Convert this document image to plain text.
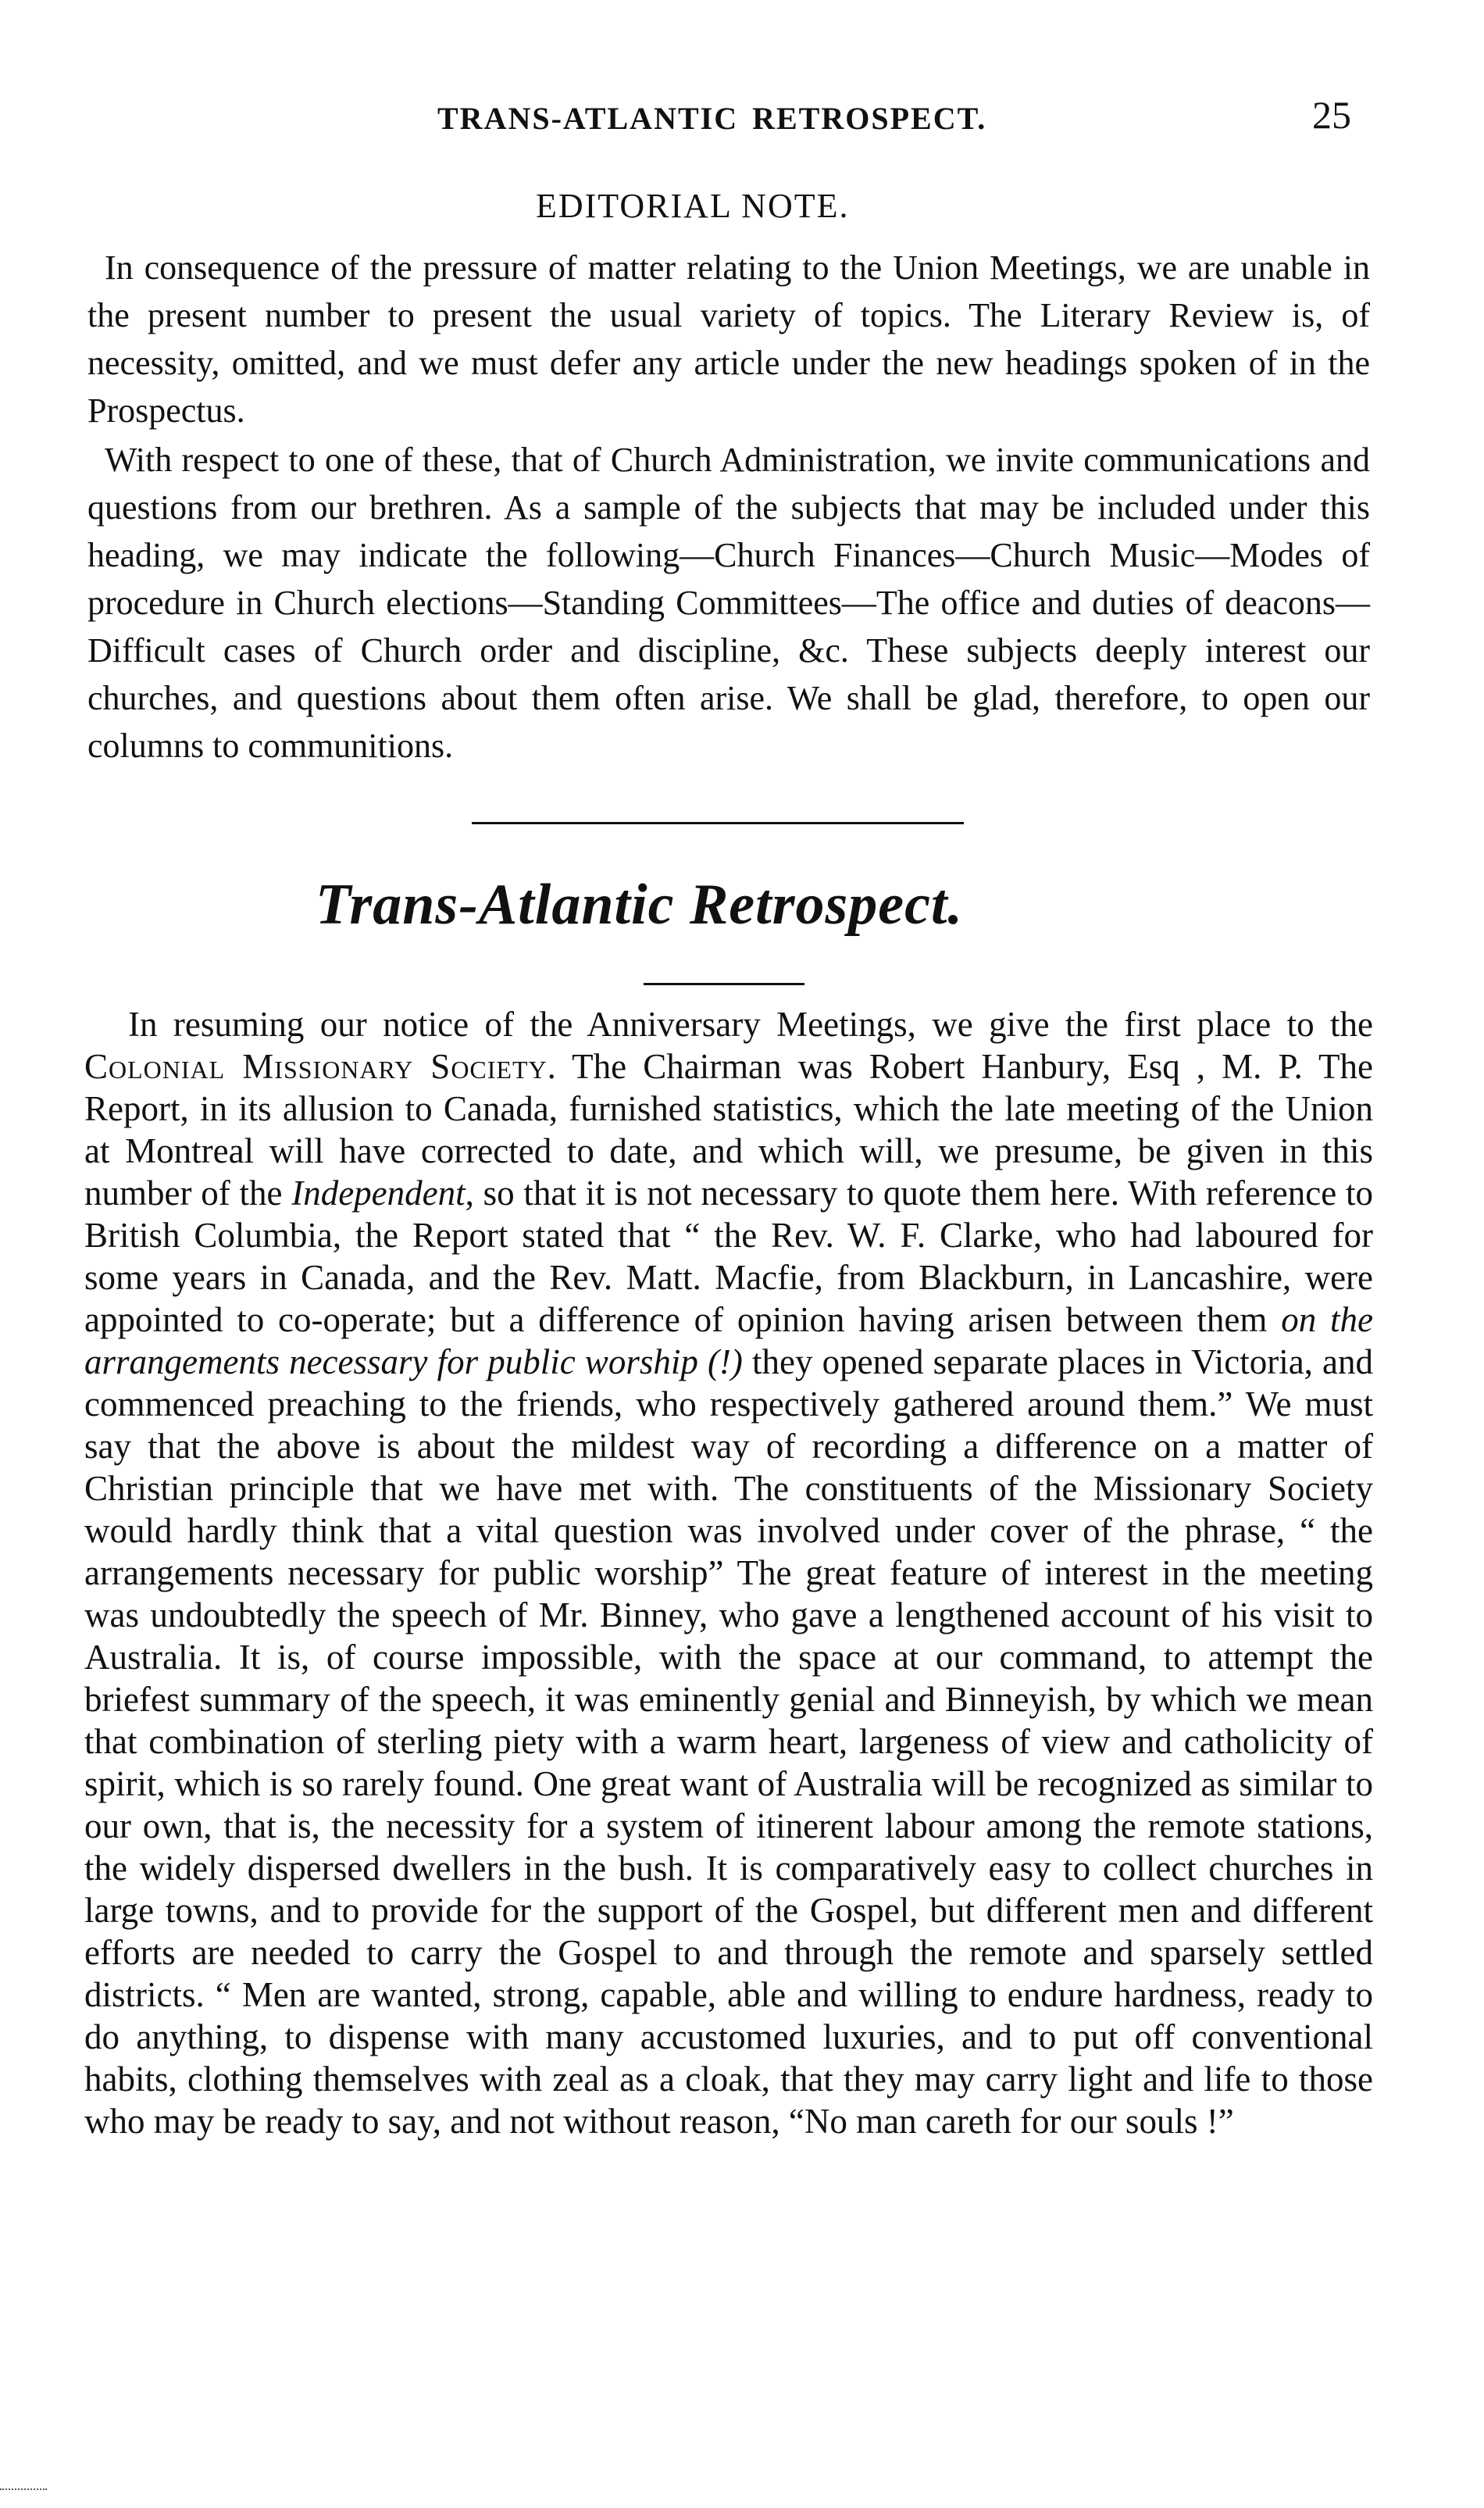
TRANS-ATLANTIC RETROSPECT.	25
EDITORIAL NOTE.

In consequence of the pressure of matter relating to the Union Meetings, we are unable in the present number to present the usual variety of topics. The Literary Review is, of necessity, omitted, and we must defer any article under the new headings spoken of in the Prospectus.

With respect to one of these, that of Church Administration, we invite communications and questions from our brethren. As a sample of the subjects that may be included under this heading, we may indicate the following—Church Finances—Church Music—Modes of procedure in Church elections—Standing Committees—The office and duties of deacons—Difficult cases of Church order and discipline, &c. These subjects deeply interest our churches, and questions about them often arise. We shall be glad, therefore, to open our columns to communitions.

Trans-Atlantic Retrospect.

In resuming our notice of the Anniversary Meetings, we give the first place to the Colonial Missionary Society. The Chairman was Robert Hanbury, Esq , M. P. The Report, in its allusion to Canada, furnished statistics, which the late meeting of the Union at Montreal will have corrected to date, and which will, we presume, be given in this number of the Independent, so that it is not necessary to quote them here. With reference to British Columbia, the Report stated that “ the Rev. W. F. Clarke, who had laboured for some years in Canada, and the Rev. Matt. Macfie, from Blackburn, in Lancashire, were appointed to co-operate; but a difference of opinion having arisen between them on the arrangements necessary for public worship (!) they opened separate places in Victoria, and commenced preaching to the friends, who respectively gathered around them.” We must say that the above is about the mildest way of recording a difference on a matter of Christian principle that we have met with. The constituents of the Missionary Society would hardly think that a vital question was involved under cover of the phrase, “ the arrangements necessary for public worship” The great feature of interest in the meeting was undoubtedly the speech of Mr. Binney, who gave a lengthened account of his visit to Australia. It is, of course impossible, with the space at our command, to attempt the briefest summary of the speech, it was eminently genial and Binneyish, by which we mean that combination of sterling piety with a warm heart, largeness of view and catholicity of spirit, which is so rarely found. One great want of Australia will be recognized as similar to our own, that is, the necessity for a system of itinerent labour among the remote stations, the widely dispersed dwellers in the bush. It is comparatively easy to collect churches in large towns, and to provide for the support of the Gospel, but different men and different efforts are needed to carry the Gospel to and through the remote and sparsely settled districts. “ Men are wanted, strong, capable, able and willing to endure hardness, ready to do anything, to dispense with many accustomed luxuries, and to put off conventional habits, clothing themselves with zeal as a cloak, that they may carry light and life to those who may be ready to say, and not without reason, “No man careth for our souls !”
